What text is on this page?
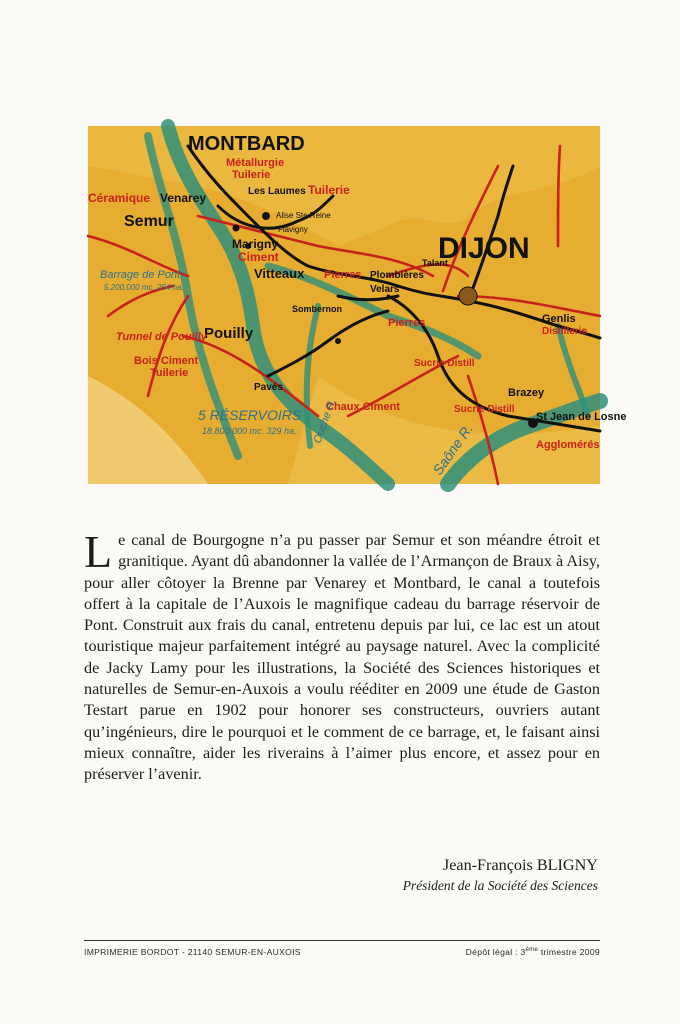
MONTBARD
Métallurgie
Tuilerie
Céramique Venarey
Semur
Les Laumes Tuilerie
Alise Ste Reine
Flavigny
Marigny
Ciment
Barrage de Pont
5.200.000 mc. 254 ha.
Vitteaux Pierres
DIJON
Plombières
Velars
Talant
Sombernon
Pierres
Pouilly
Tunnel de Pouilly
Bois Ciment
Tuilerie
Pavés
Chaux Ciment
Sucrie Distill
Genlis
Distillerie
Brazey
Sucrie Distill
St Jean de Losne
Agglomérés
5 RÉSERVOIRS
18.800.000 mc. 329 ha. Ouche R.	Saône R.

Le canal de Bourgogne n’a pu passer par Semur et son méandre étroit et granitique. Ayant dû abandonner la vallée de l’Armançon de Braux à Aisy, pour aller côtoyer la Brenne par Venarey et Montbard, le canal a toutefois offert à la capitale de l’Auxois le magnifique cadeau du barrage réservoir de Pont. Construit aux frais du canal, entretenu depuis par lui, ce lac est un atout touristique majeur parfaitement intégré au paysage naturel. Avec la complicité de Jacky Lamy pour les illustrations, la Société des Sciences historiques et naturelles de Semur-en-Auxois a voulu rééditer en 2009 une étude de Gaston Testart parue en 1902 pour honorer ses constructeurs, ouvriers autant qu’ingénieurs, dire le pourquoi et le comment de ce barrage, et, le faisant ainsi mieux connaître, aider les riverains à l’aimer plus encore, et assez pour en préserver l’avenir.

Jean-François BLIGNY
Président de la Société des Sciences
IMPRIMERIE BORDOT - 21140 SEMUR-EN-AUXOIS	Dépôt légal : 3ème trimestre 2009
